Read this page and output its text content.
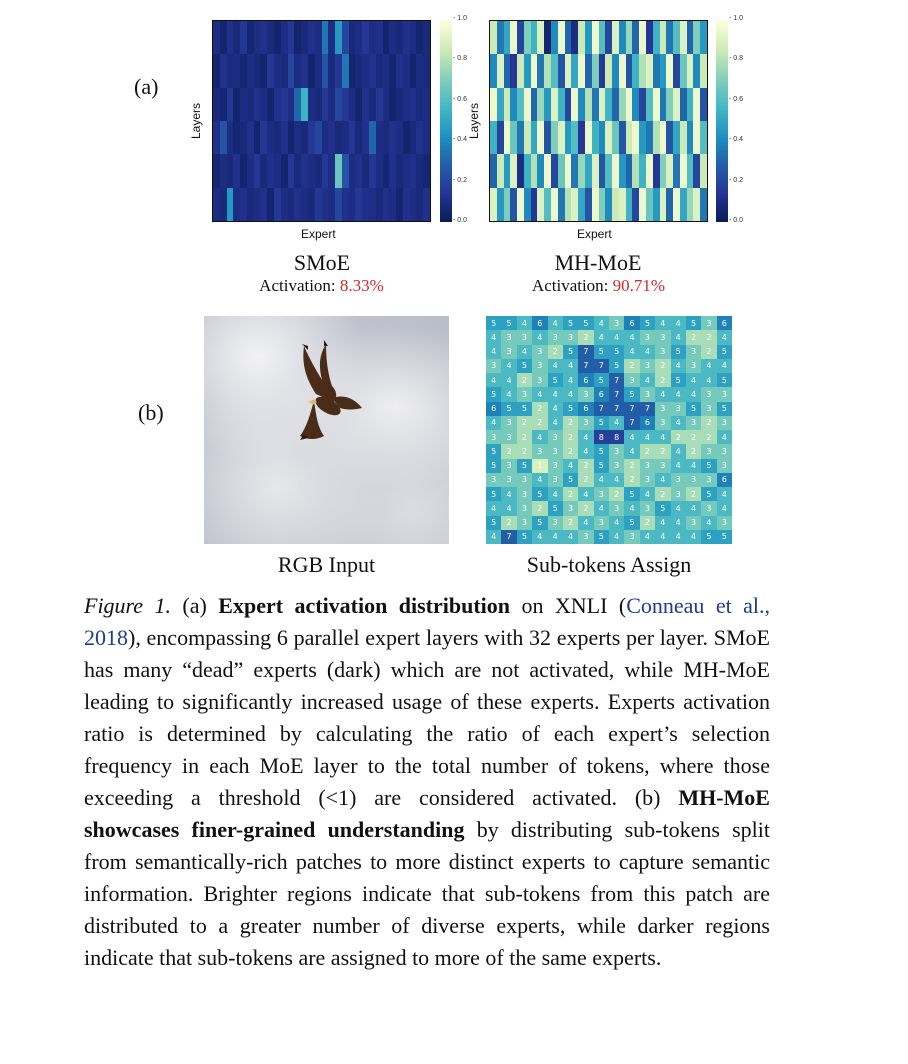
(a)
(b)
Layers
Expert
- 1.0
- 0.8
- 0.6
- 0.4
- 0.2
- 0.0
SMoE
Activation: 8.33%
Layers
Expert
- 1.0
- 0.8
- 0.6
- 0.4
- 0.2
- 0.0
MH-MoE
Activation: 90.71%
5	5	4	6	4	5	5	4	3	6	5	4	4	5	3	6
4	3	3	4	3	3	2	4	4	4	3	3	4	2	2	4
4	3	4	3	2	5	7	5	5	4	4	3	5	3	2	5
3	4	5	3	4	4	7	7	5	2	3	2	4	3	4	4
4	4	2	3	5	4	6	5	7	3	4	2	5	4	4	5
5	4	3	4	4	4	3	6	7	5	3	4	4	4	3	3
6	5	5	2	4	5	6	7	7	7	7	3	3	5	3	5
4	3	2	2	4	2	3	5	4	7	6	3	4	3	2	3
3	3	2	4	3	2	4	8	8	4	4	4	2	2	2	4
5	2	2	3	3	2	4	5	3	4	2	2	4	2	3	3
5	3	5	1	3	4	2	5	3	2	3	3	4	4	5	3
3	3	3	4	3	5	2	4	4	2	3	4	3	3	3	6
5	4	3	5	4	2	4	3	2	5	4	2	3	2	5	4
4	4	3	2	5	3	2	4	3	4	3	5	4	4	3	4
5	2	3	5	3	2	4	3	4	5	2	4	4	3	4	3
4	7	5	4	4	4	3	5	4	3	4	4	4	4	5	5
RGB Input	Sub-tokens Assign
Figure 1. (a) Expert activation distribution on XNLI (Conneau et al., 2018), encompassing 6 parallel expert layers with 32 experts per layer. SMoE has many “dead” experts (dark) which are not activated, while MH-MoE leading to significantly increased usage of these experts. Experts activation ratio is determined by calculating the ratio of each expert’s selection frequency in each MoE layer to the total number of tokens, where those exceeding a threshold (<1) are considered activated. (b) MH-MoE showcases finer-grained understanding by distributing sub-tokens split from semantically-rich patches to more distinct experts to capture semantic information. Brighter regions indicate that sub-tokens from this patch are distributed to a greater number of diverse experts, while darker regions indicate that sub-tokens are assigned to more of the same experts.
